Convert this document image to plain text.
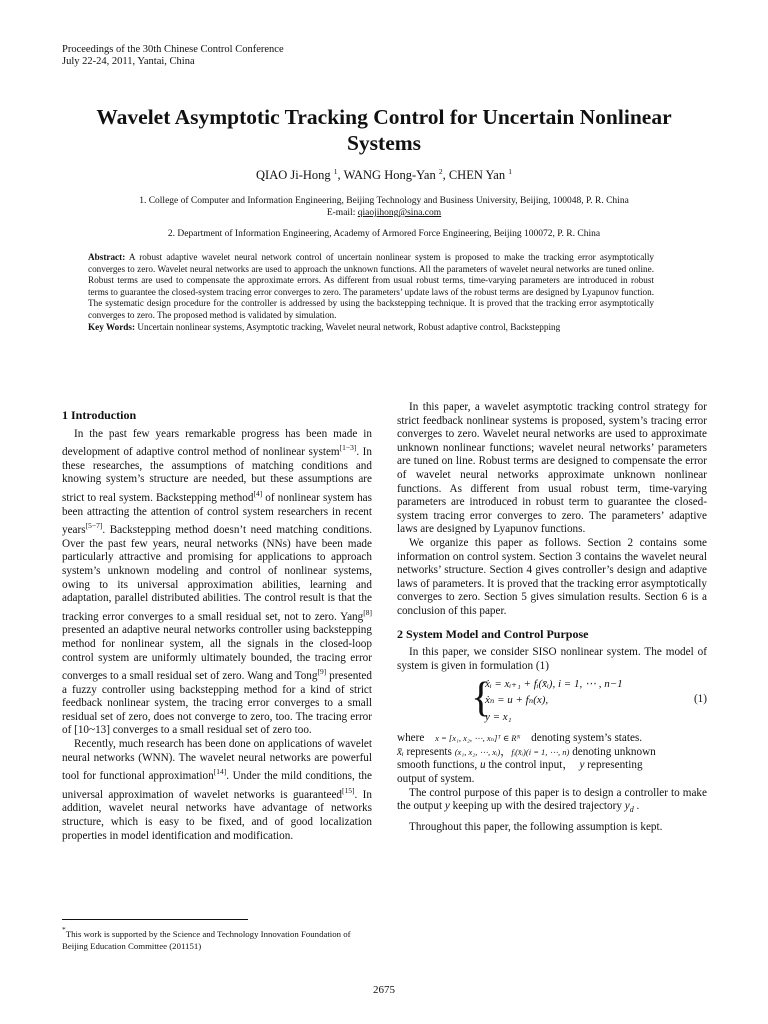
Proceedings of the 30th Chinese Control Conference
July 22-24, 2011, Yantai, China
Wavelet Asymptotic Tracking Control for Uncertain Nonlinear
Systems
QIAO Ji-Hong $^1$, WANG Hong-Yan $^2$, CHEN Yan $^1$
1. College of Computer and Information Engineering, Beijing Technology and Business University, Beijing, 100048, P. R. China
E-mail: qiaojihong@sina.com
2. Department of Information Engineering, Academy of Armored Force Engineering, Beijing 100072, P. R. China

Abstract: A robust adaptive wavelet neural network control of uncertain nonlinear system is proposed to make the tracking error asymptotically converges to zero. Wavelet neural networks are used to approach the unknown functions. All the parameters of wavelet neural networks are tuned online. Robust terms are used to compensate the approximate errors. As different from usual robust terms, time-varying parameters are introduced in robust terms to guarantee the closed-system tracing error converges to zero. The parameters’ update laws of the robust terms are designed by Lyapunov function. The systematic design procedure for the controller is addressed by using the backstepping technique. It is proved that the tracking error asymptotically converges to zero. The proposed method is validated by simulation.

Key Words: Uncertain nonlinear systems, Asymptotic tracking, Wavelet neural network, Robust adaptive control, Backstepping

1 Introduction

In the past few years remarkable progress has been made in development of adaptive control method of nonlinear system[1−3]. In these researches, the assumptions of matching conditions and knowing system’s structure are needed, but these assumptions are strict to real system. Backstepping method[4] of nonlinear system has been attracting the attention of control system researchers in recent years[5−7]. Backstepping method doesn’t need matching conditions. Over the past few years, neural networks (NNs) have been made particularly attractive and promising for applications to approach system’s unknown modeling and control of nonlinear systems, owing to its universal approximation abilities, learning and adaptation, parallel distributed abilities. The control result is that the tracking error converges to a small residual set, not to zero. Yang[8] presented an adaptive neural networks controller using backstepping method for nonlinear system, all the signals in the closed-loop control system are uniformly ultimately bounded, the tracing error converges to a small residual set of zero. Wang and Tong[9] presented a fuzzy controller using backstepping method for a kind of strict feedback nonlinear system, the tracing error converges to a small residual set of zero, does not converge to zero, too. The tracing error of [10~13] converges to a small residual set of zero too.

Recently, much research has been done on applications of wavelet neural networks (WNN). The wavelet neural networks are powerful tool for functional approximation[14]. Under the mild conditions, the universal approximation of wavelet networks is guaranteed[15]. In addition, wavelet neural networks have advantage of networks structure, which is easy to be fixed, and of good localization properties in model identification and modification.

In this paper, a wavelet asymptotic tracking control strategy for strict feedback nonlinear systems is proposed, system’s tracing error converges to zero. Wavelet neural networks are used to approximate unknown nonlinear functions; wavelet neural networks’ parameters are tuned on line. Robust terms are designed to compensate the error of wavelet neural networks approximate unknown nonlinear functions. As different from usual robust term, time-varying parameters are introduced in robust term to guarantee the closed-system tracing error converges to zero. The parameters’ adaptive laws are designed by Lyapunov functions.

We organize this paper as follows. Section 2 contains some information on control system. Section 3 contains the wavelet neural networks’ structure. Section 4 gives controller’s design and adaptive laws of parameters. It is proved that the tracking error asymptotically converges to zero. Section 5 gives simulation results. Section 6 is a conclusion of this paper.

2 System Model and Control Purpose

In this paper, we consider SISO nonlinear system. The model of system is given in formulation (1)

{
ẋᵢ = xᵢ₊₁ + fᵢ(x̄ᵢ), i = 1, ⋯ , n−1
ẋₙ = u + fₙ(x),
y = x₁
(1)

where x = [x₁, x₂, ⋯, xₙ]ᵀ ∈ Rᴺ denoting system’s states.
x̄ᵢ represents (x₁, x₂, ⋯, xᵢ)，fᵢ(x̄ᵢ)(i = 1, ⋯, n) denoting unknown
smooth functions, u the control input， y representing
output of system.

The control purpose of this paper is to design a controller to make the output y keeping up with the desired trajectory $y_d$ .

Throughout this paper, the following assumption is kept.

*This work is supported by the Science and Technology Innovation Foundation of Beijing Education Committee (201151)
2675
